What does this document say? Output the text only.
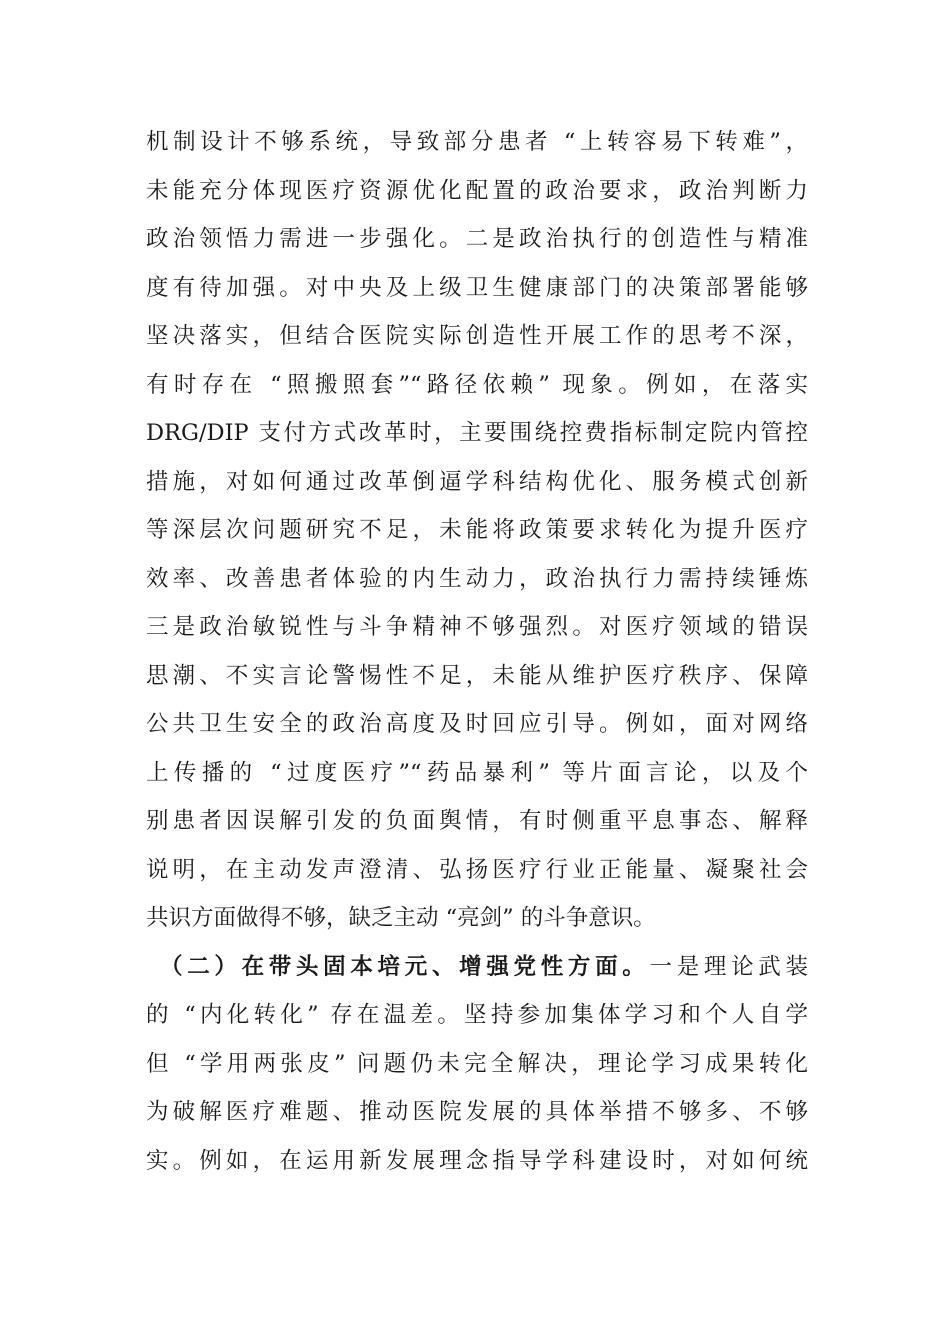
机制设计不够系统，导致部分患者 “上转容易下转难”，
未能充分体现医疗资源优化配置的政治要求，政治判断力
政治领悟力需进一步强化。二是政治执行的创造性与精准
度有待加强。对中央及上级卫生健康部门的决策部署能够
坚决落实，但结合医院实际创造性开展工作的思考不深，
有时存在 “照搬照套”“路径依赖” 现象。例如，在落实
DRG/DIP 支付方式改革时，主要围绕控费指标制定院内管控
措施，对如何通过改革倒逼学科结构优化、服务模式创新
等深层次问题研究不足，未能将政策要求转化为提升医疗
效率、改善患者体验的内生动力，政治执行力需持续锤炼
三是政治敏锐性与斗争精神不够强烈。对医疗领域的错误
思潮、不实言论警惕性不足，未能从维护医疗秩序、保障
公共卫生安全的政治高度及时回应引导。例如，面对网络
上传播的 “过度医疗”“药品暴利” 等片面言论，以及个
别患者因误解引发的负面舆情，有时侧重平息事态、解释
说明，在主动发声澄清、弘扬医疗行业正能量、凝聚社会
共识方面做得不够，缺乏主动 “亮剑” 的斗争意识。
（二）在带头固本培元、增强党性方面。一是理论武装
的 “内化转化” 存在温差。坚持参加集体学习和个人自学
但 “学用两张皮” 问题仍未完全解决，理论学习成果转化
为破解医疗难题、推动医院发展的具体举措不够多、不够
实。例如，在运用新发展理念指导学科建设时，对如何统
